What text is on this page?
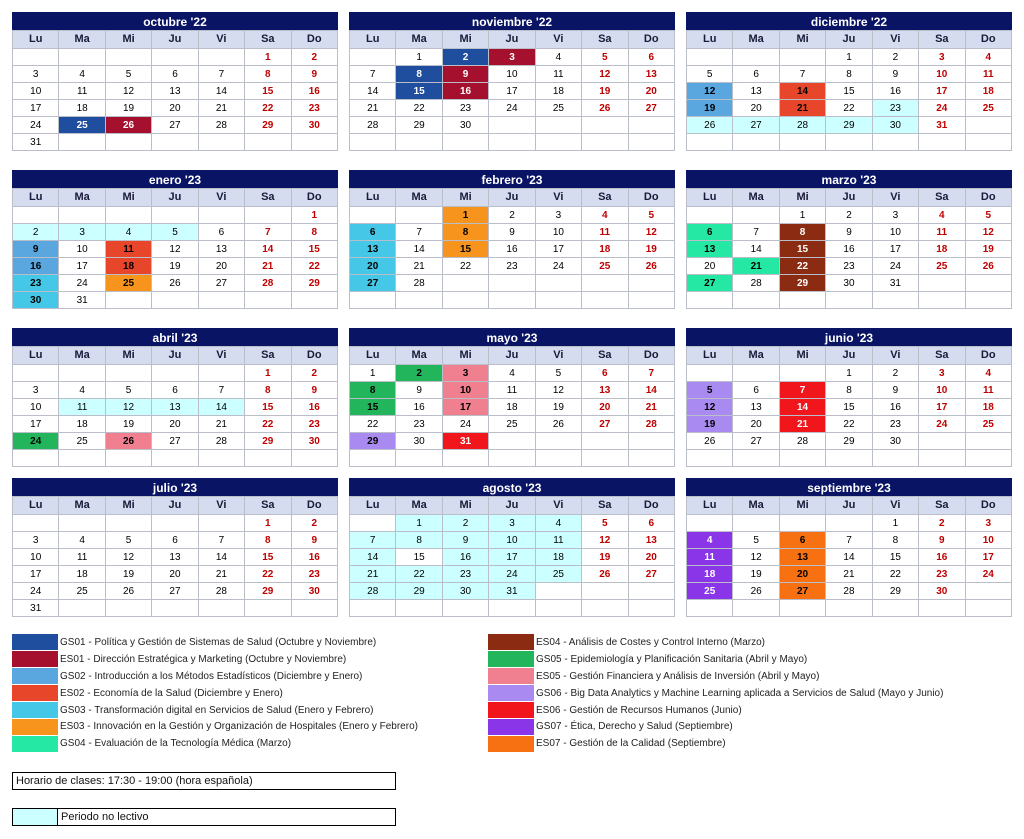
octubre '22
Lu	Ma	Mi	Ju	Vi	Sa	Do
					1	2
3	4	5	6	7	8	9
10	11	12	13	14	15	16
17	18	19	20	21	22	23
24	25	26	27	28	29	30
31						
noviembre '22
Lu	Ma	Mi	Ju	Vi	Sa	Do
	1	2	3	4	5	6
7	8	9	10	11	12	13
14	15	16	17	18	19	20
21	22	23	24	25	26	27
28	29	30				

diciembre '22
Lu	Ma	Mi	Ju	Vi	Sa	Do
			1	2	3	4
5	6	7	8	9	10	11
12	13	14	15	16	17	18
19	20	21	22	23	24	25
26	27	28	29	30	31	

enero '23
Lu	Ma	Mi	Ju	Vi	Sa	Do
						1
2	3	4	5	6	7	8
9	10	11	12	13	14	15
16	17	18	19	20	21	22
23	24	25	26	27	28	29
30	31					
febrero '23
Lu	Ma	Mi	Ju	Vi	Sa	Do
		1	2	3	4	5
6	7	8	9	10	11	12
13	14	15	16	17	18	19
20	21	22	23	24	25	26
27	28					

marzo '23
Lu	Ma	Mi	Ju	Vi	Sa	Do
		1	2	3	4	5
6	7	8	9	10	11	12
13	14	15	16	17	18	19
20	21	22	23	24	25	26
27	28	29	30	31		

abril '23
Lu	Ma	Mi	Ju	Vi	Sa	Do
					1	2
3	4	5	6	7	8	9
10	11	12	13	14	15	16
17	18	19	20	21	22	23
24	25	26	27	28	29	30

mayo '23
Lu	Ma	Mi	Ju	Vi	Sa	Do
1	2	3	4	5	6	7
8	9	10	11	12	13	14
15	16	17	18	19	20	21
22	23	24	25	26	27	28
29	30	31				

junio '23
Lu	Ma	Mi	Ju	Vi	Sa	Do
			1	2	3	4
5	6	7	8	9	10	11
12	13	14	15	16	17	18
19	20	21	22	23	24	25
26	27	28	29	30		

julio '23
Lu	Ma	Mi	Ju	Vi	Sa	Do
					1	2
3	4	5	6	7	8	9
10	11	12	13	14	15	16
17	18	19	20	21	22	23
24	25	26	27	28	29	30
31						
agosto '23
Lu	Ma	Mi	Ju	Vi	Sa	Do
	1	2	3	4	5	6
7	8	9	10	11	12	13
14	15	16	17	18	19	20
21	22	23	24	25	26	27
28	29	30	31			

septiembre '23
Lu	Ma	Mi	Ju	Vi	Sa	Do
				1	2	3
4	5	6	7	8	9	10
11	12	13	14	15	16	17
18	19	20	21	22	23	24
25	26	27	28	29	30	

GS01 - Política y Gestión de Sistemas de Salud (Octubre y Noviembre)
ES01 - Dirección Estratégica y Marketing (Octubre y Noviembre)
GS02 - Introducción a los Métodos Estadísticos (Diciembre y Enero)
ES02 - Economía de la Salud (Diciembre y Enero)
GS03 - Transformación digital en Servicios de Salud (Enero y Febrero)
ES03 - Innovación en la Gestión y Organización de Hospitales (Enero y Febrero)
GS04 - Evaluación de la Tecnología Médica (Marzo)
ES04 - Análisis de Costes y Control Interno (Marzo)
GS05 - Epidemiología y Planificación Sanitaria (Abril y Mayo)
ES05 - Gestión Financiera y Análisis de Inversión (Abril y Mayo)
GS06 - Big Data Analytics y Machine Learning aplicada a Servicios de Salud (Mayo y Junio)
ES06 - Gestión de Recursos Humanos (Junio)
GS07 - Ética, Derecho y Salud (Septiembre)
ES07 - Gestión de la Calidad (Septiembre)
Horario de clases: 17:30 - 19:00 (hora española)
Periodo no lectivo
